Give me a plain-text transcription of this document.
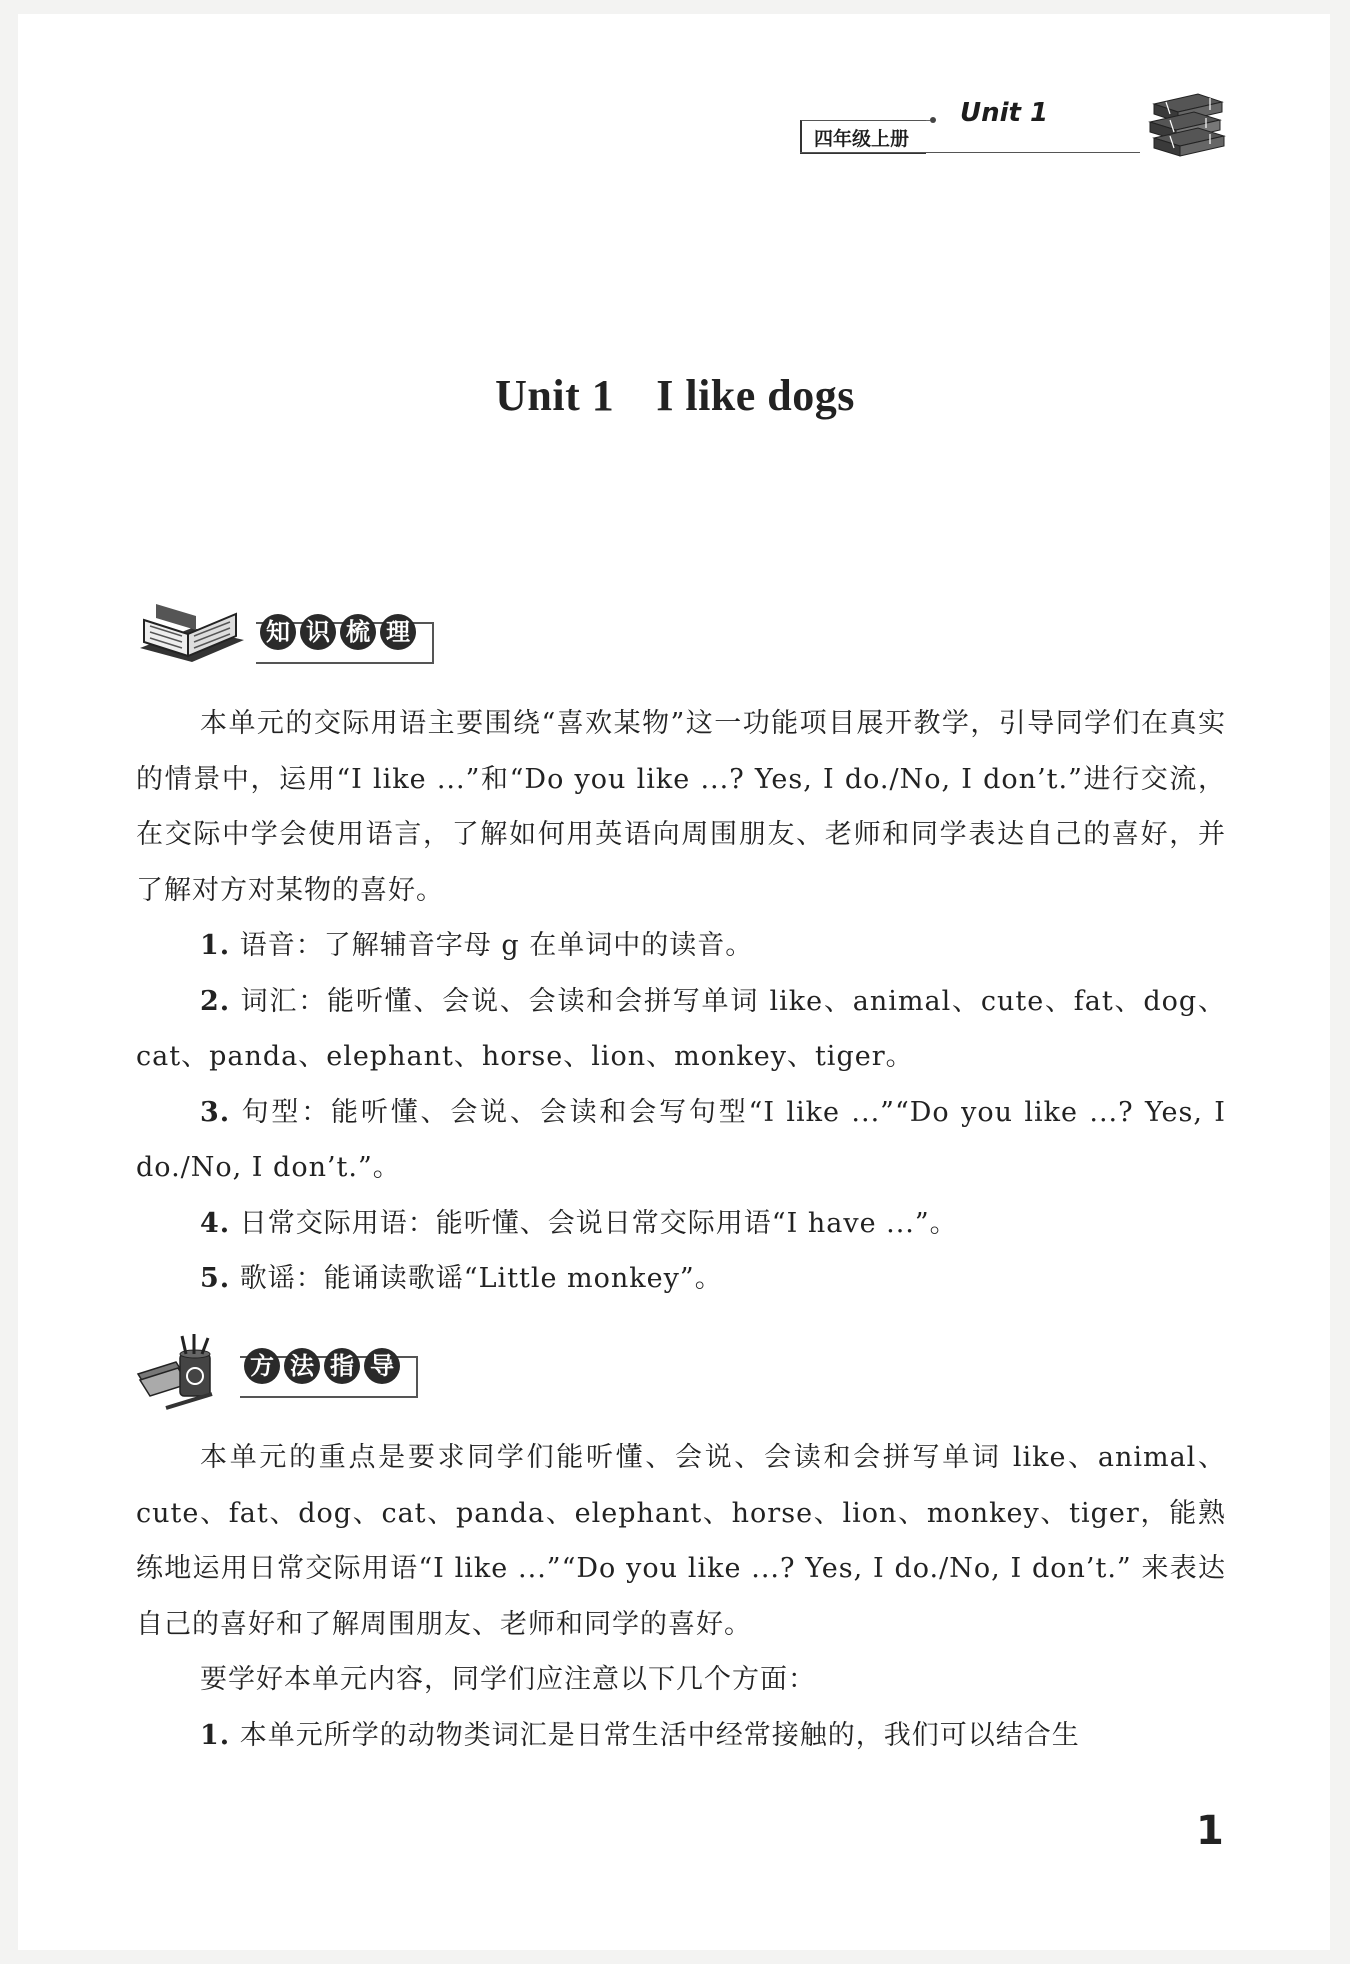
四年级上册
Unit 1
Unit 1 I like dogs
知 识 梳 理

本单元的交际用语主要围绕“喜欢某物”这一功能项目展开教学，引导同学们在真实的情景中，运用“I like ...”和“Do you like ...? Yes, I do./No, I don’t.”进行交流，在交际中学会使用语言，了解如何用英语向周围朋友、老师和同学表达自己的喜好，并了解对方对某物的喜好。

1. 语音：了解辅音字母 g 在单词中的读音。

2. 词汇：能听懂、会说、会读和会拼写单词 like、animal、cute、fat、dog、cat、panda、elephant、horse、lion、monkey、tiger。

3. 句型：能听懂、会说、会读和会写句型“I like ...”“Do you like ...? Yes, I do./No, I don’t.”。

4. 日常交际用语：能听懂、会说日常交际用语“I have ...”。

5. 歌谣：能诵读歌谣“Little monkey”。

方 法 指 导

本单元的重点是要求同学们能听懂、会说、会读和会拼写单词 like、animal、cute、fat、dog、cat、panda、elephant、horse、lion、monkey、tiger，能熟练地运用日常交际用语“I like ...”“Do you like ...? Yes, I do./No, I don’t.” 来表达自己的喜好和了解周围朋友、老师和同学的喜好。

要学好本单元内容，同学们应注意以下几个方面：

1. 本单元所学的动物类词汇是日常生活中经常接触的，我们可以结合生

1
